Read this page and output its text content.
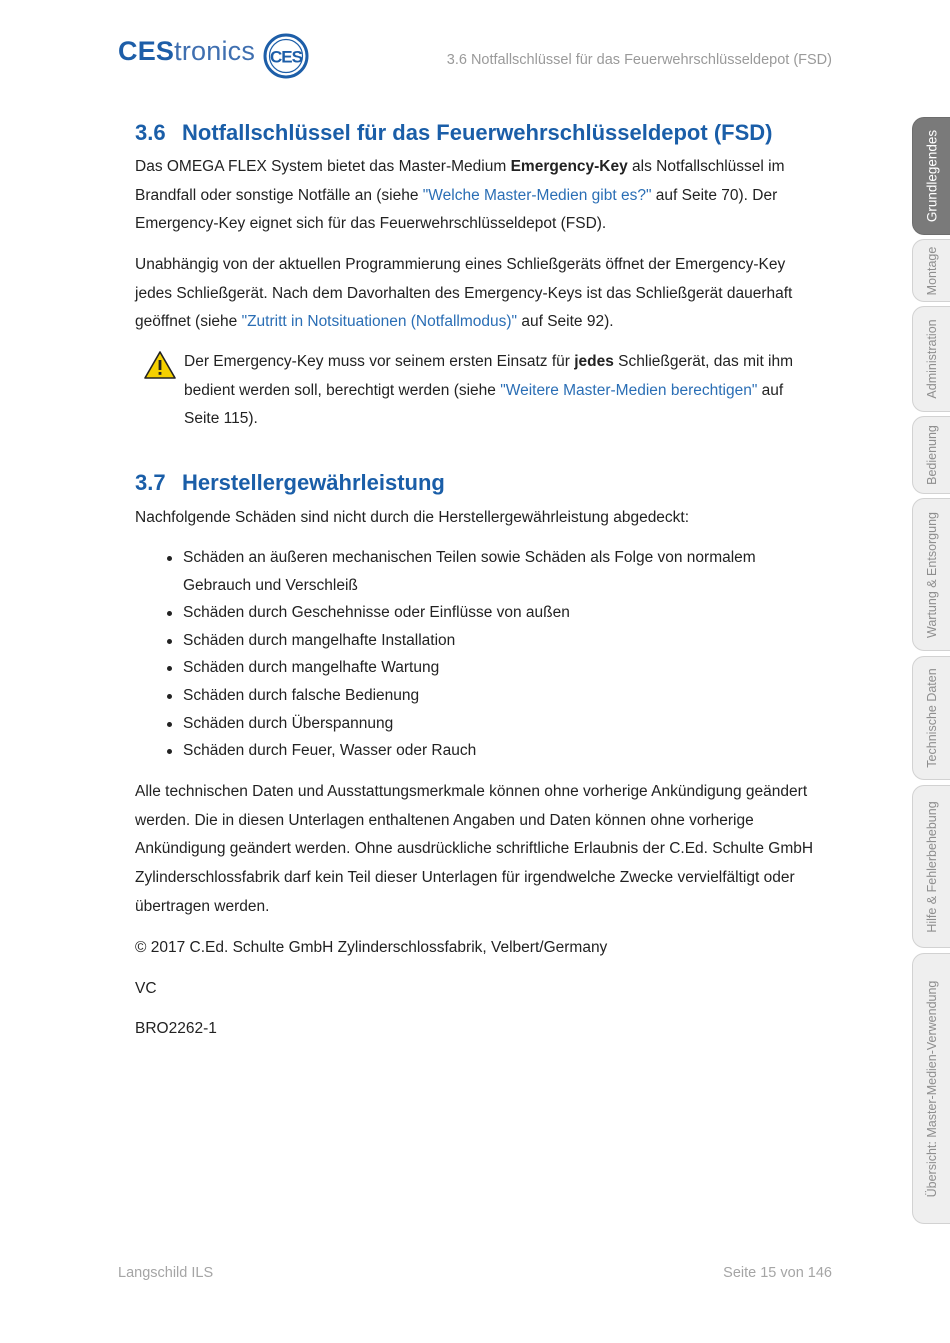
CEStronics CES	3.6 Notfallschlüssel für das Feuerwehrschlüsseldepot (FSD)
3.6 Notfallschlüssel für das Feuerwehrschlüsseldepot (FSD)

Das OMEGA FLEX System bietet das Master-Medium Emergency-Key als Notfallschlüssel im Brandfall oder sonstige Notfälle an (siehe "Welche Master-Medien gibt es?" auf Seite 70). Der Emergency-Key eignet sich für das Feuerwehrschlüsseldepot (FSD).

Unabhängig von der aktuellen Programmierung eines Schließgeräts öffnet der Emergency-Key jedes Schließgerät. Nach dem Davorhalten des Emergency-Keys ist das Schließgerät dauerhaft geöffnet (siehe "Zutritt in Notsituationen (Notfallmodus)" auf Seite 92).

Der Emergency-Key muss vor seinem ersten Einsatz für jedes Schließgerät, das mit ihm bedient werden soll, berechtigt werden (siehe "Weitere Master-Medien berechtigen" auf Seite 115).

3.7 Herstellergewährleistung

Nachfolgende Schäden sind nicht durch die Herstellergewährleistung abgedeckt:

Schäden an äußeren mechanischen Teilen sowie Schäden als Folge von normalem Gebrauch und Verschleiß
Schäden durch Geschehnisse oder Einflüsse von außen
Schäden durch mangelhafte Installation
Schäden durch mangelhafte Wartung
Schäden durch falsche Bedienung
Schäden durch Überspannung
Schäden durch Feuer, Wasser oder Rauch

Alle technischen Daten und Ausstattungsmerkmale können ohne vorherige Ankündigung geändert werden. Die in diesen Unterlagen enthaltenen Angaben und Daten können ohne vorherige Ankündigung geändert werden. Ohne ausdrückliche schriftliche Erlaubnis der C.Ed. Schulte GmbH Zylinderschlossfabrik darf kein Teil dieser Unterlagen für irgendwelche Zwecke vervielfältigt oder übertragen werden.

© 2017 C.Ed. Schulte GmbH Zylinderschlossfabrik, Velbert/Germany

VC

BRO2262-1

Langschild ILS	Seite 15 von 146
Grundlegendes
Montage
Administration
Bedienung
Wartung & Entsorgung
Technische Daten
Hilfe & Fehlerbehebung
Übersicht: Master-Medien-Verwendung
